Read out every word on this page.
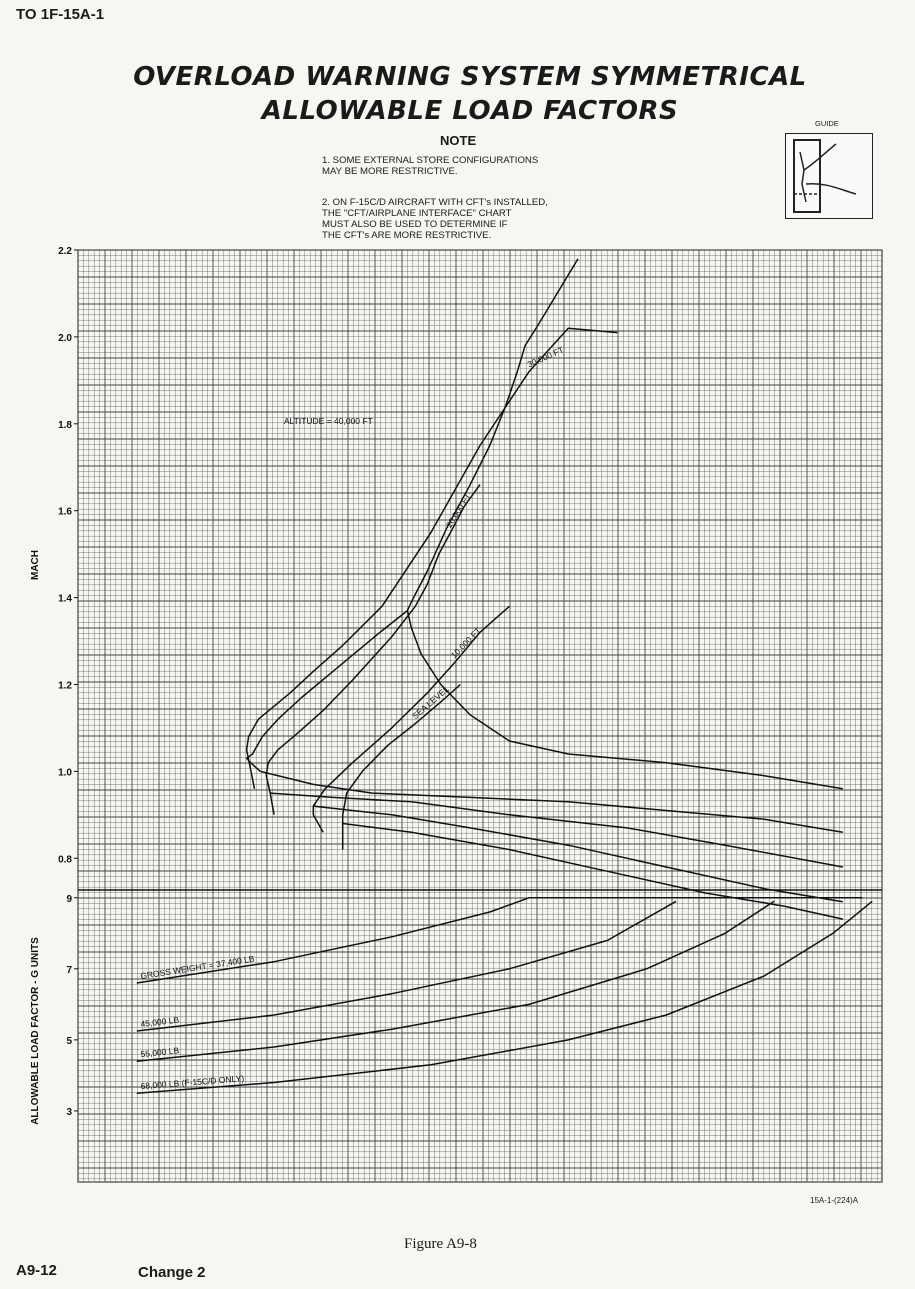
TO 1F-15A-1
OVERLOAD WARNING SYSTEM SYMMETRICAL
ALLOWABLE LOAD FACTORS
NOTE
1. SOME EXTERNAL STORE CONFIGURATIONS
MAY BE MORE RESTRICTIVE.
2. ON F-15C/D AIRCRAFT WITH CFT's INSTALLED,
THE "CFT/AIRPLANE INTERFACE" CHART
MUST ALSO BE USED TO DETERMINE IF
THE CFT's ARE MORE RESTRICTIVE.
GUIDE
0.8
1.0
1.2
1.4
1.6
1.8
2.0
2.2
MACH
3
5
7
9
ALLOWABLE LOAD FACTOR - G UNITS
ALTITUDE = 40,000 FT
30,000 FT
20,000 FT
10,000 FT
SEA LEVEL
GROSS WEIGHT = 37,400 LB
45,000 LB
55,000 LB
68,000 LB (F-15C/D ONLY)
15A-1-(224)A
Figure A9-8
A9-12	Change 2
